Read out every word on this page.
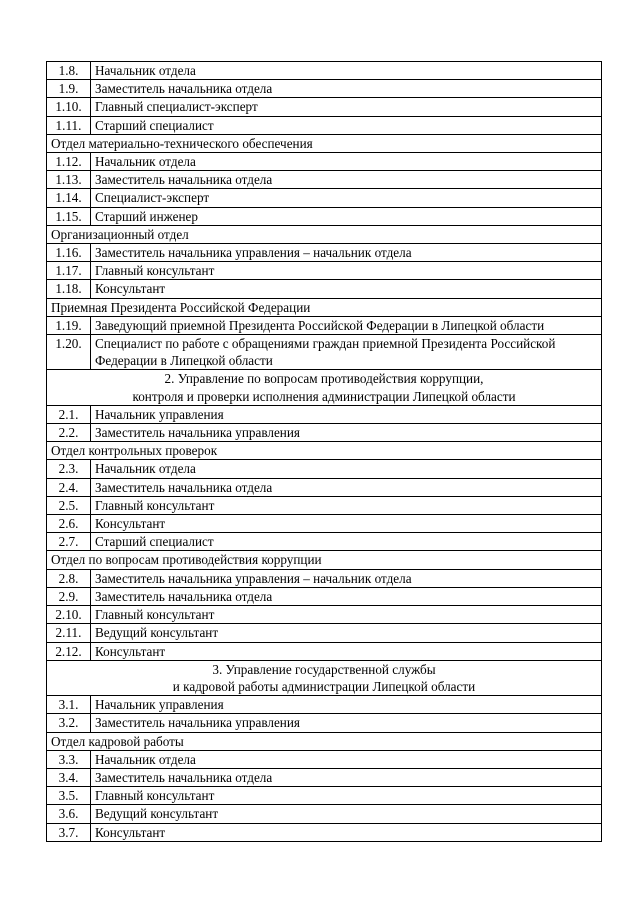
1.8.	Начальник отдела
1.9.	Заместитель начальника отдела
1.10.	Главный специалист-эксперт
1.11.	Старший специалист
Отдел материально-технического обеспечения	
1.12.	Начальник отдела
1.13.	Заместитель начальника отдела
1.14.	Специалист-эксперт
1.15.	Старший инженер
Организационный отдел	
1.16.	Заместитель начальника управления – начальник отдела
1.17.	Главный консультант
1.18.	Консультант
Приемная Президента Российской Федерации	
1.19.	Заведующий приемной Президента Российской Федерации в Липецкой области
1.20.	Специалист по работе с обращениями граждан приемной Президента Российской Федерации в Липецкой области

2. Управление по вопросам противодействия коррупции,
контроля и проверки исполнения администрации Липецкой области	

2.1.	Начальник управления
2.2.	Заместитель начальника управления
Отдел контрольных проверок	
2.3.	Начальник отдела
2.4.	Заместитель начальника отдела
2.5.	Главный консультант
2.6.	Консультант
2.7.	Старший специалист
Отдел по вопросам противодействия коррупции	
2.8.	Заместитель начальника управления – начальник отдела
2.9.	Заместитель начальника отдела
2.10.	Главный консультант
2.11.	Ведущий консультант
2.12.	Консультант

3. Управление государственной службы
и кадровой работы администрации Липецкой области	

3.1.	Начальник управления
3.2.	Заместитель начальника управления
Отдел кадровой работы	
3.3.	Начальник отдела
3.4.	Заместитель начальника отдела
3.5.	Главный консультант
3.6.	Ведущий консультант
3.7.	Консультант
